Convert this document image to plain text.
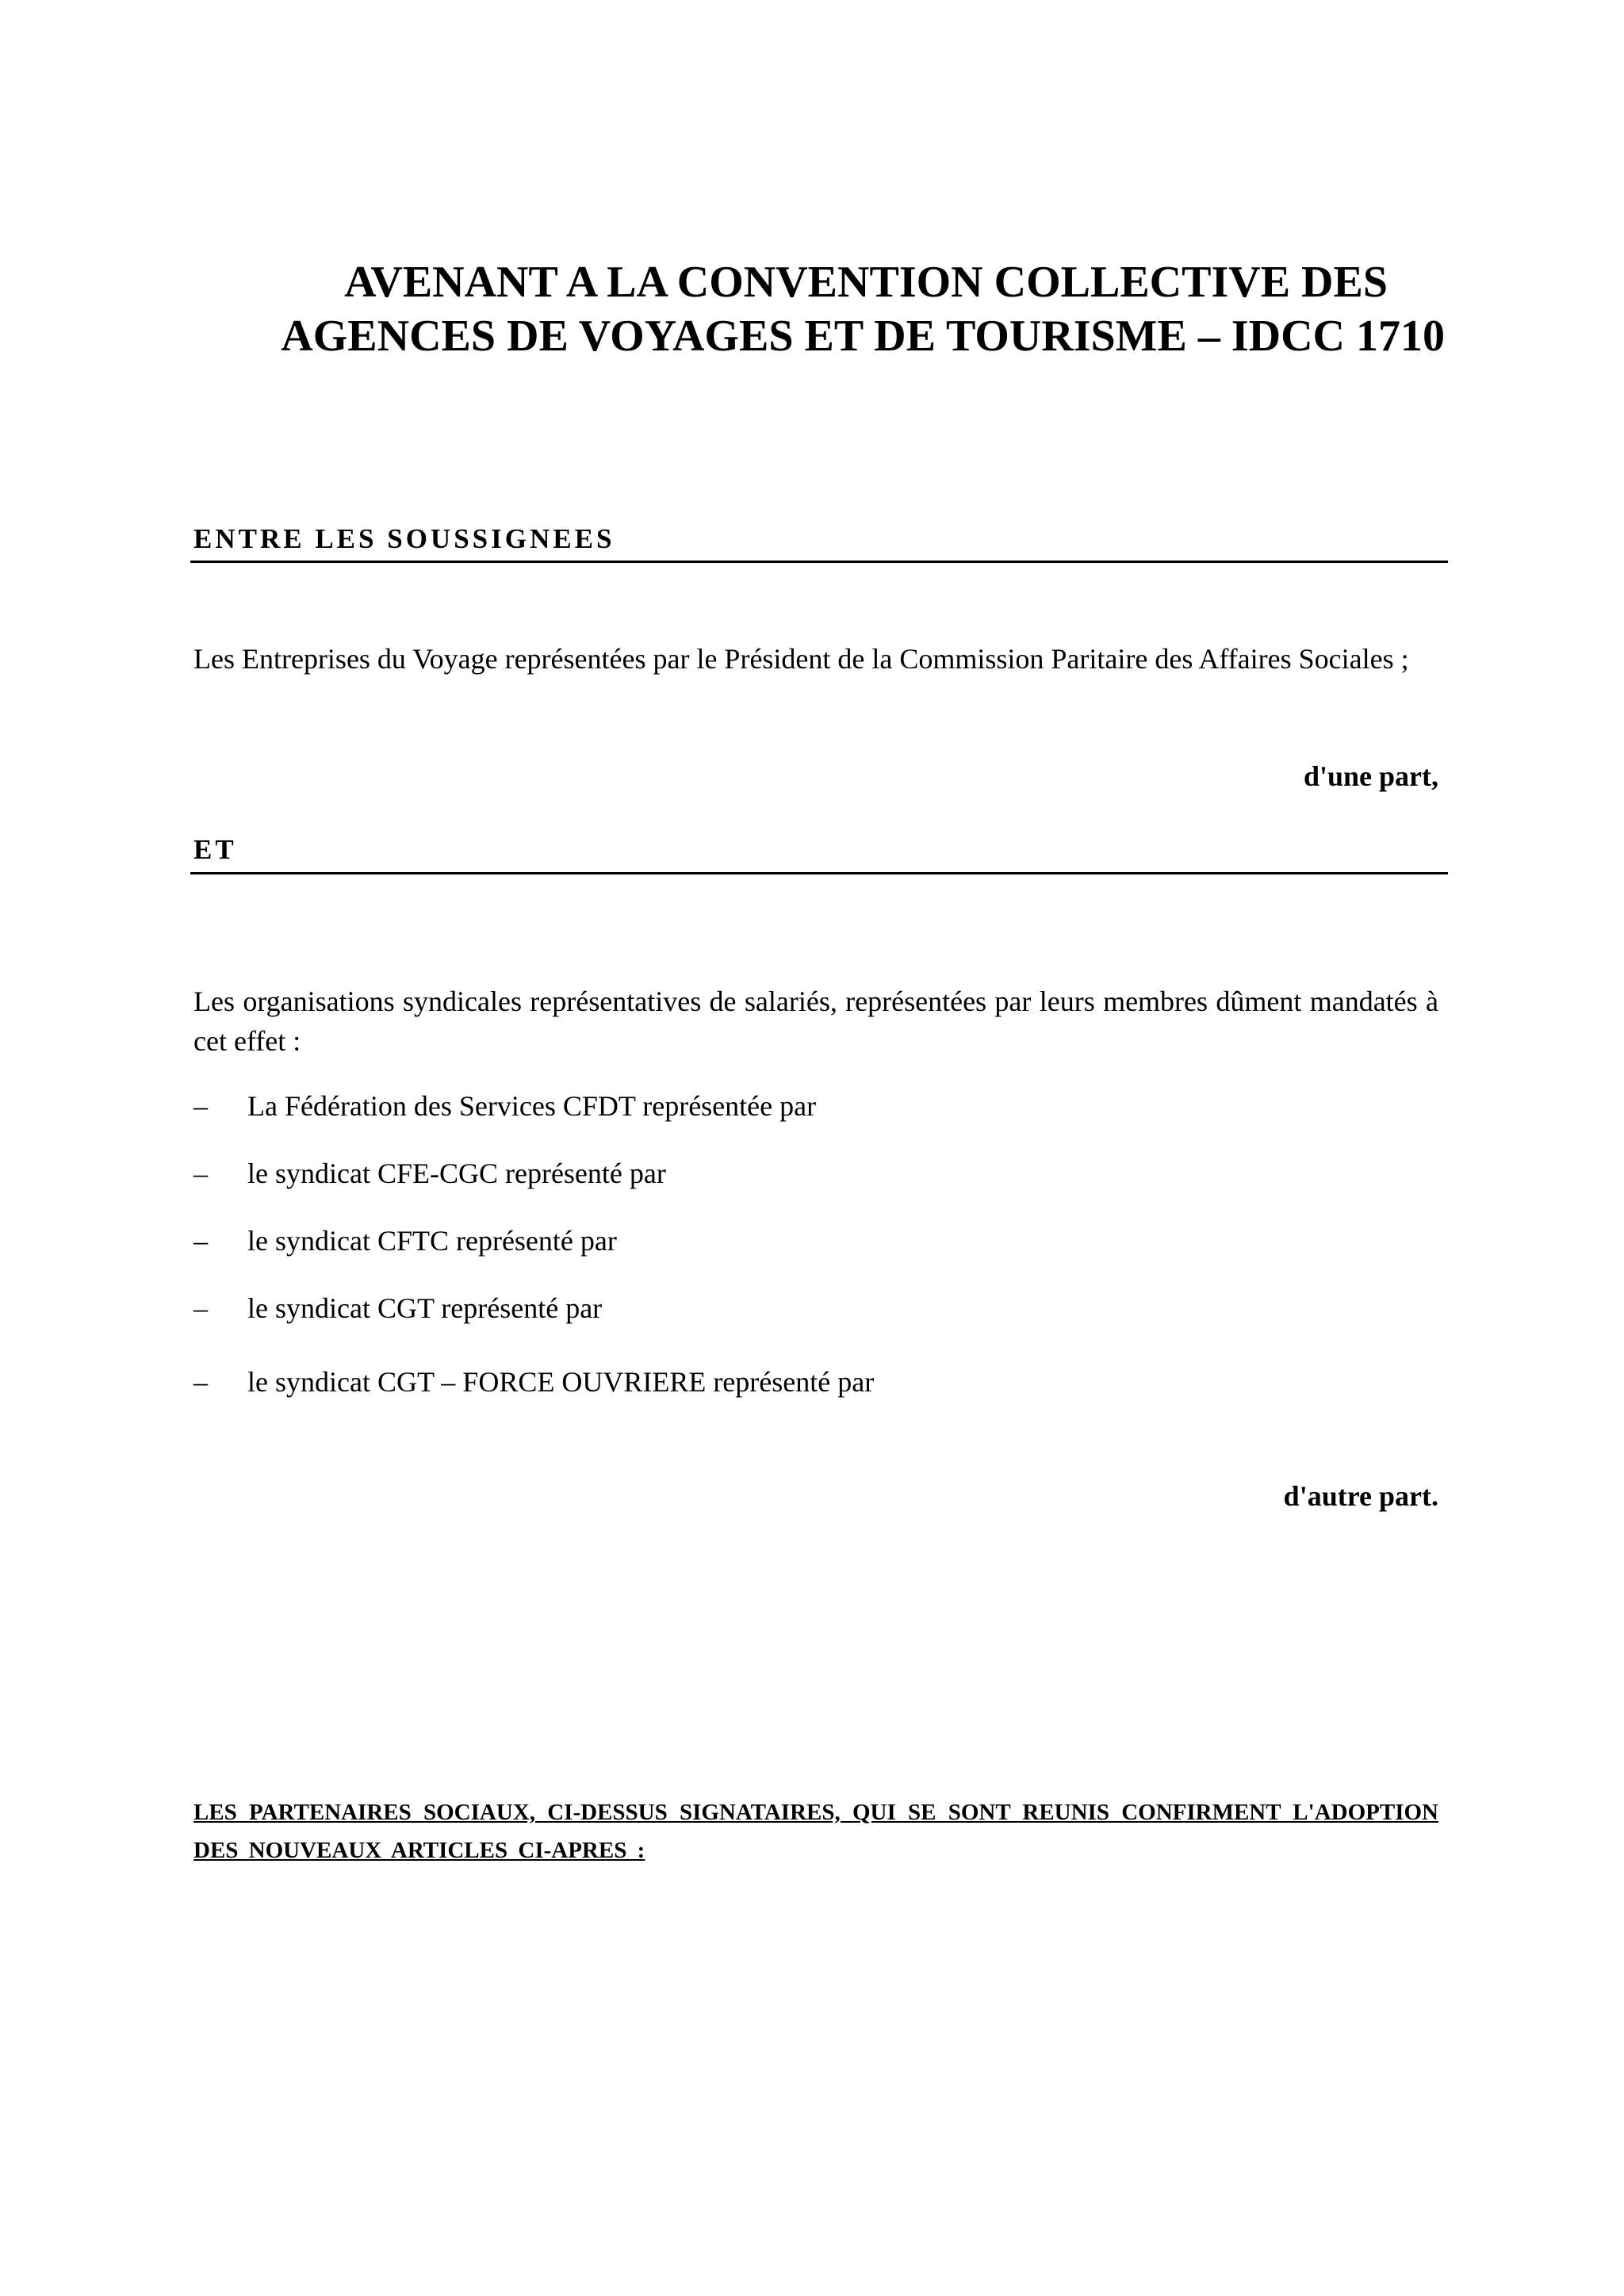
AVENANT A LA CONVENTION COLLECTIVE DES
AGENCES DE VOYAGES ET DE TOURISME – IDCC 1710
ENTRE LES SOUSSIGNEES
Les Entreprises du Voyage représentées par le Président de la Commission Paritaire des Affaires Sociales ;
d'une part,
ET
Les organisations syndicales représentatives de salariés, représentées par leurs membres dûment mandatés à cet effet :
–	La Fédération des Services CFDT représentée par
–	le syndicat CFE-CGC représenté par
–	le syndicat CFTC représenté par
–	le syndicat CGT représenté par
–	le syndicat CGT – FORCE OUVRIERE représenté par
d'autre part.
LES PARTENAIRES SOCIAUX, CI-DESSUS SIGNATAIRES, QUI SE SONT REUNIS CONFIRMENT L'ADOPTION DES NOUVEAUX ARTICLES CI-APRES :
